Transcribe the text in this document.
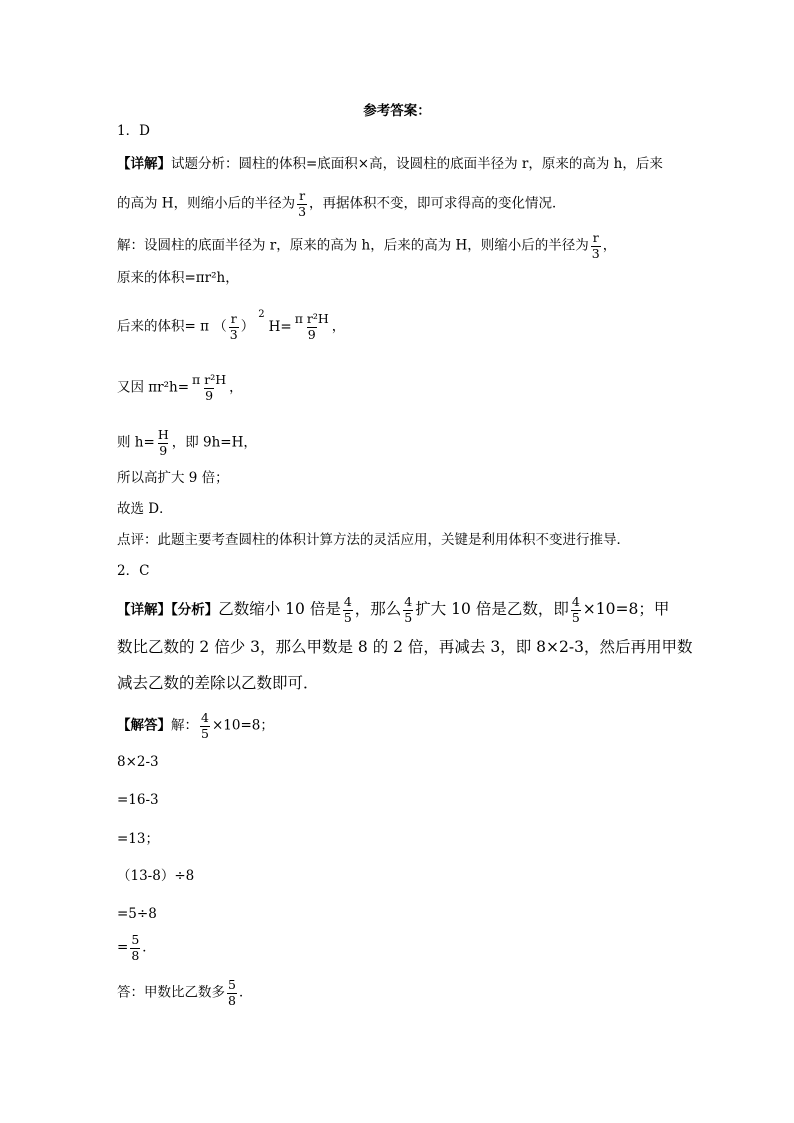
参考答案：
1．D
【详解】试题分析：圆柱的体积=底面积×高，设圆柱的底面半径为 r，原来的高为 h，后来
的高为 H，则缩小后的半径为 $\frac{r}{3}$ ，再据体积不变，即可求得高的变化情况．
解：设圆柱的底面半径为 r，原来的高为 h，后来的高为 H，则缩小后的半径为 $\frac{r}{3}$ ，
原来的体积=πr²h，
后来的体积= π （ $\frac{r}{3} )^2H= \frac{\text{π r²H}}{9}$ ，
又因 $\pi r^2h= \frac{\text{π r²H}}{9}$ ，
则 $h= \frac{H}{9}$ ，即 9h=H，
所以高扩大 9 倍；
故选 D．
点评：此题主要考查圆柱的体积计算方法的灵活应用，关键是利用体积不变进行推导．
2．C
【详解】【分析】乙数缩小 10 倍是 $\frac{4}{5}$ ，那么 $\frac{4}{5}$ 扩大 10 倍是乙数，即 $\frac{4}{5} \times 10=8$；甲
数比乙数的 2 倍少 3，那么甲数是 8 的 2 倍，再减去 3，即 8×2-3，然后再用甲数
减去乙数的差除以乙数即可．
【解答】解： $\frac{4}{5} \times 10=8$；
8×2-3
=16-3
=13；
（13-8）÷8
=5÷8
= $\frac{5}{8}$ ．
答：甲数比乙数多 $\frac{5}{8}$ ．
